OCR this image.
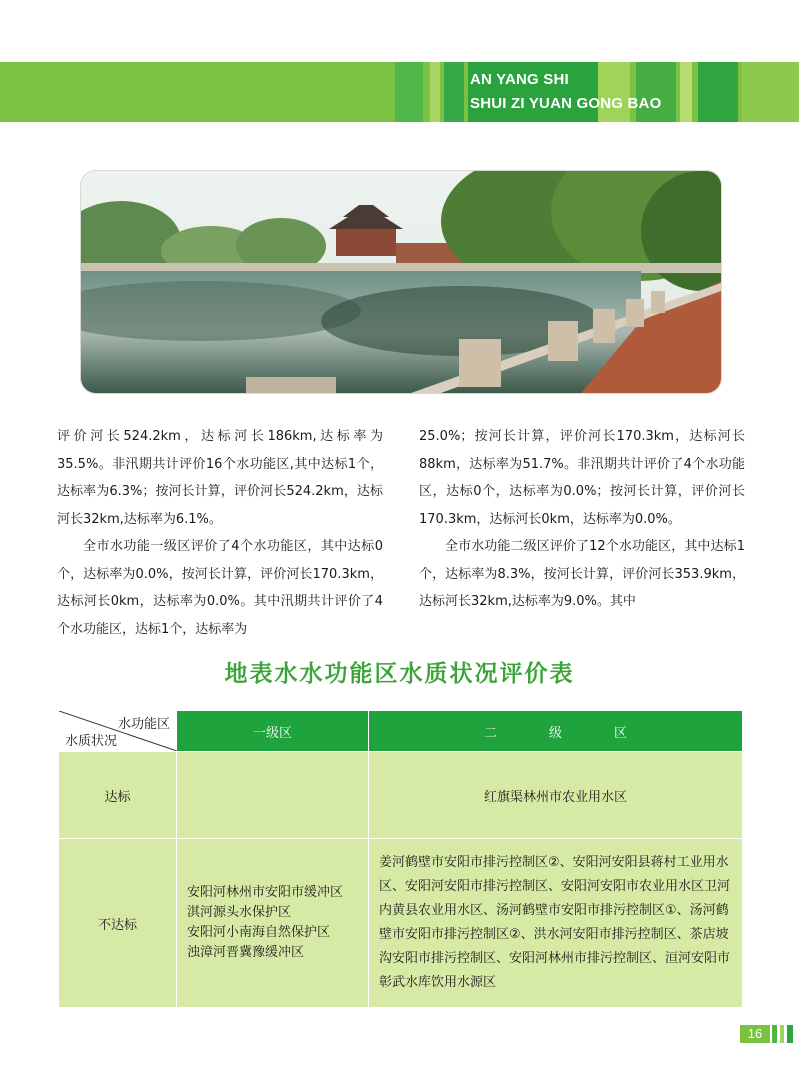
AN YANG SHI
SHUI ZI YUAN GONG BAO

评价河长524.2km，达标河长186km,达标率为35.5%。非汛期共计评价16个水功能区,其中达标1个，达标率为6.3%；按河长计算，评价河长524.2km，达标河长32km,达标率为6.1%。

全市水功能一级区评价了4个水功能区，其中达标0个，达标率为0.0%，按河长计算，评价河长170.3km，达标河长0km，达标率为0.0%。其中汛期共计评价了4个水功能区，达标1个，达标率为

25.0%；按河长计算，评价河长170.3km，达标河长88km，达标率为51.7%。非汛期共计评价了4个水功能区，达标0个，达标率为0.0%；按河长计算，评价河长170.3km，达标河长0km，达标率为0.0%。

全市水功能二级区评价了12个水功能区，其中达标1个，达标率为8.3%，按河长计算，评价河长353.9km，达标河长32km,达标率为9.0%。其中

地表水水功能区水质状况评价表
水功能区
水质状况	一级区	二级区
达标		红旗渠林州市农业用水区
不达标	安阳河林州市安阳市缓冲区
淇河源头水保护区
安阳河小南海自然保护区
浊漳河晋冀豫缓冲区	姜河鹤壁市安阳市排污控制区②、安阳河安阳县蒋村工业用水区、安阳河安阳市排污控制区、安阳河安阳市农业用水区卫河内黄县农业用水区、汤河鹤壁市安阳市排污控制区①、汤河鹤壁市安阳市排污控制区②、洪水河安阳市排污控制区、茶店坡沟安阳市排污控制区、安阳河林州市排污控制区、洹河安阳市彰武水库饮用水源区
16
